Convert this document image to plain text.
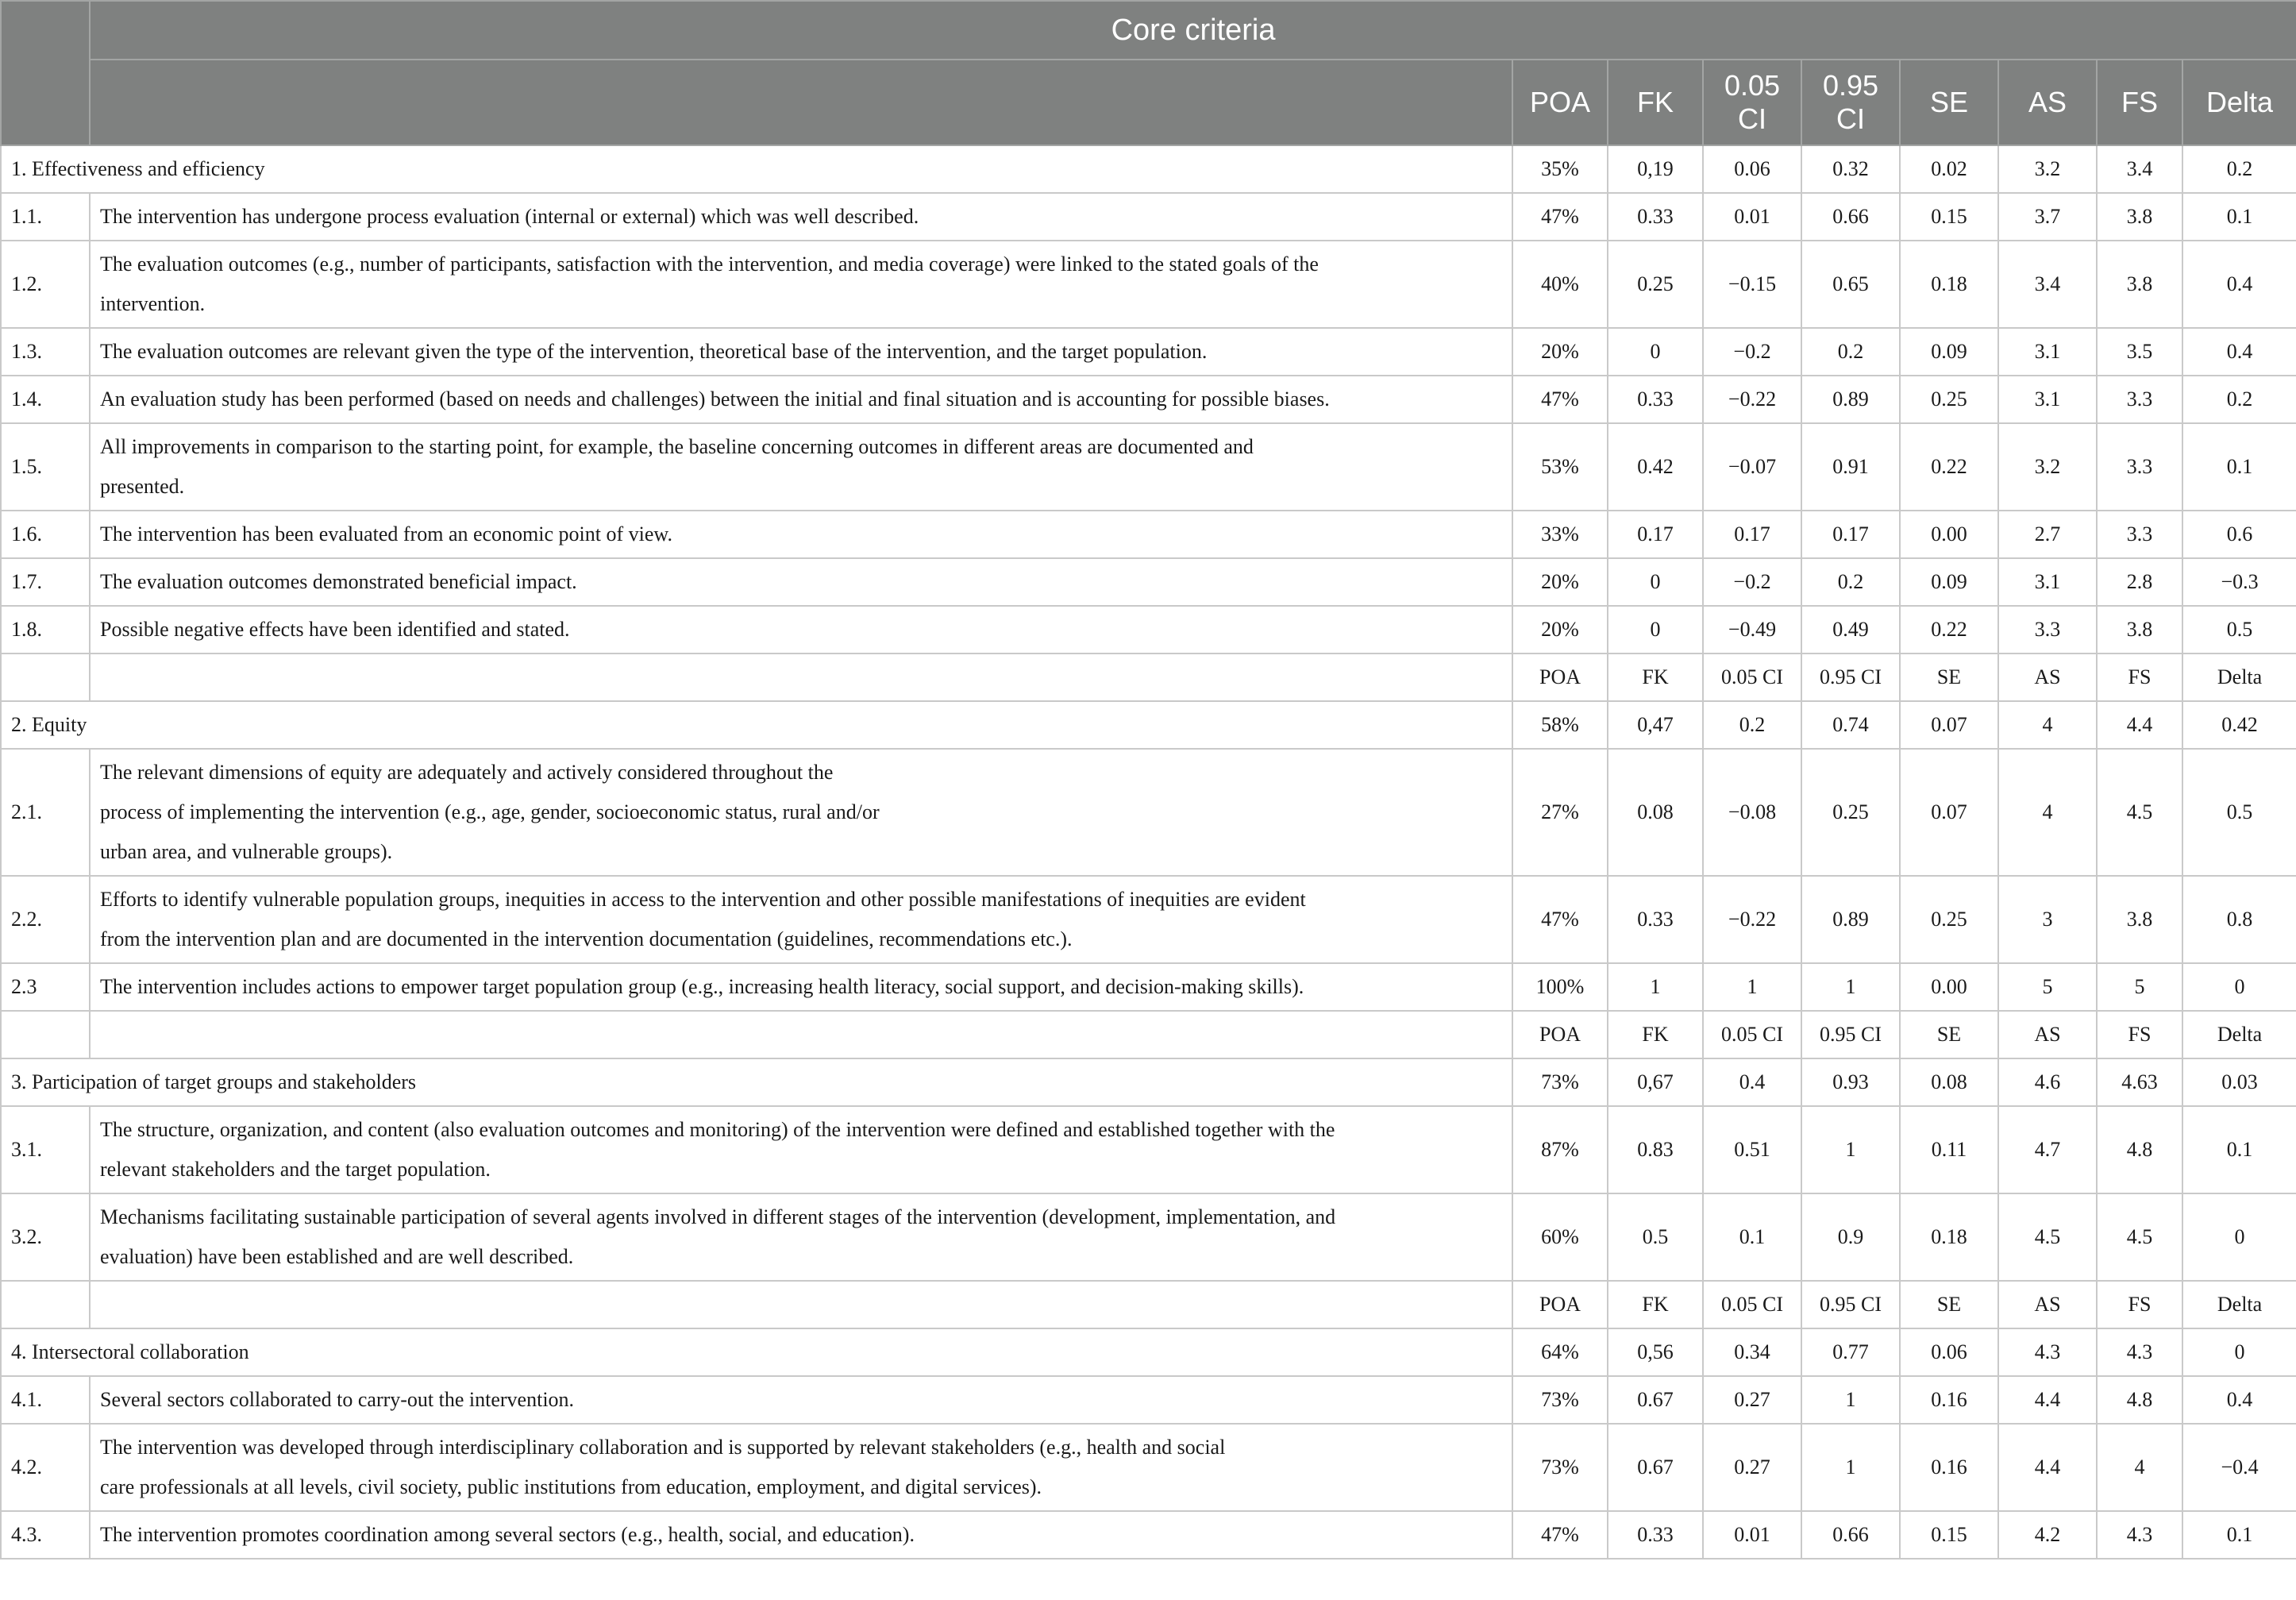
	Core criteria								
		POA	FK	0.05
CI	0.95
CI	SE	AS	FS	Delta
1. Effectiveness and efficiency		35%	0,19	0.06	0.32	0.02	3.2	3.4	0.2
1.1.	The intervention has undergone process evaluation (internal or external) which was well described.	47%	0.33	0.01	0.66	0.15	3.7	3.8	0.1
1.2.	The evaluation outcomes (e.g., number of participants, satisfaction with the intervention, and media coverage) were linked to the stated goals of the
intervention.	40%	0.25	−0.15	0.65	0.18	3.4	3.8	0.4
1.3.	The evaluation outcomes are relevant given the type of the intervention, theoretical base of the intervention, and the target population.	20%	0	−0.2	0.2	0.09	3.1	3.5	0.4
1.4.	An evaluation study has been performed (based on needs and challenges) between the initial and final situation and is accounting for possible biases.	47%	0.33	−0.22	0.89	0.25	3.1	3.3	0.2
1.5.	All improvements in comparison to the starting point, for example, the baseline concerning outcomes in different areas are documented and
presented.	53%	0.42	−0.07	0.91	0.22	3.2	3.3	0.1
1.6.	The intervention has been evaluated from an economic point of view.	33%	0.17	0.17	0.17	0.00	2.7	3.3	0.6
1.7.	The evaluation outcomes demonstrated beneficial impact.	20%	0	−0.2	0.2	0.09	3.1	2.8	−0.3
1.8.	Possible negative effects have been identified and stated.	20%	0	−0.49	0.49	0.22	3.3	3.8	0.5
		POA	FK	0.05 CI	0.95 CI	SE	AS	FS	Delta
2. Equity		58%	0,47	0.2	0.74	0.07	4	4.4	0.42
2.1.	The relevant dimensions of equity are adequately and actively considered throughout the
process of implementing the intervention (e.g., age, gender, socioeconomic status, rural and/or
urban area, and vulnerable groups).	27%	0.08	−0.08	0.25	0.07	4	4.5	0.5
2.2.	Efforts to identify vulnerable population groups, inequities in access to the intervention and other possible manifestations of inequities are evident
from the intervention plan and are documented in the intervention documentation (guidelines, recommendations etc.).	47%	0.33	−0.22	0.89	0.25	3	3.8	0.8
2.3	The intervention includes actions to empower target population group (e.g., increasing health literacy, social support, and decision-making skills).	100%	1	1	1	0.00	5	5	0
		POA	FK	0.05 CI	0.95 CI	SE	AS	FS	Delta
3. Participation of target groups and stakeholders		73%	0,67	0.4	0.93	0.08	4.6	4.63	0.03
3.1.	The structure, organization, and content (also evaluation outcomes and monitoring) of the intervention were defined and established together with the
relevant stakeholders and the target population.	87%	0.83	0.51	1	0.11	4.7	4.8	0.1
3.2.	Mechanisms facilitating sustainable participation of several agents involved in different stages of the intervention (development, implementation, and
evaluation) have been established and are well described.	60%	0.5	0.1	0.9	0.18	4.5	4.5	0
		POA	FK	0.05 CI	0.95 CI	SE	AS	FS	Delta
4. Intersectoral collaboration		64%	0,56	0.34	0.77	0.06	4.3	4.3	0
4.1.	Several sectors collaborated to carry-out the intervention.	73%	0.67	0.27	1	0.16	4.4	4.8	0.4
4.2.	The intervention was developed through interdisciplinary collaboration and is supported by relevant stakeholders (e.g., health and social
care professionals at all levels, civil society, public institutions from education, employment, and digital services).	73%	0.67	0.27	1	0.16	4.4	4	−0.4
4.3.	The intervention promotes coordination among several sectors (e.g., health, social, and education).	47%	0.33	0.01	0.66	0.15	4.2	4.3	0.1
